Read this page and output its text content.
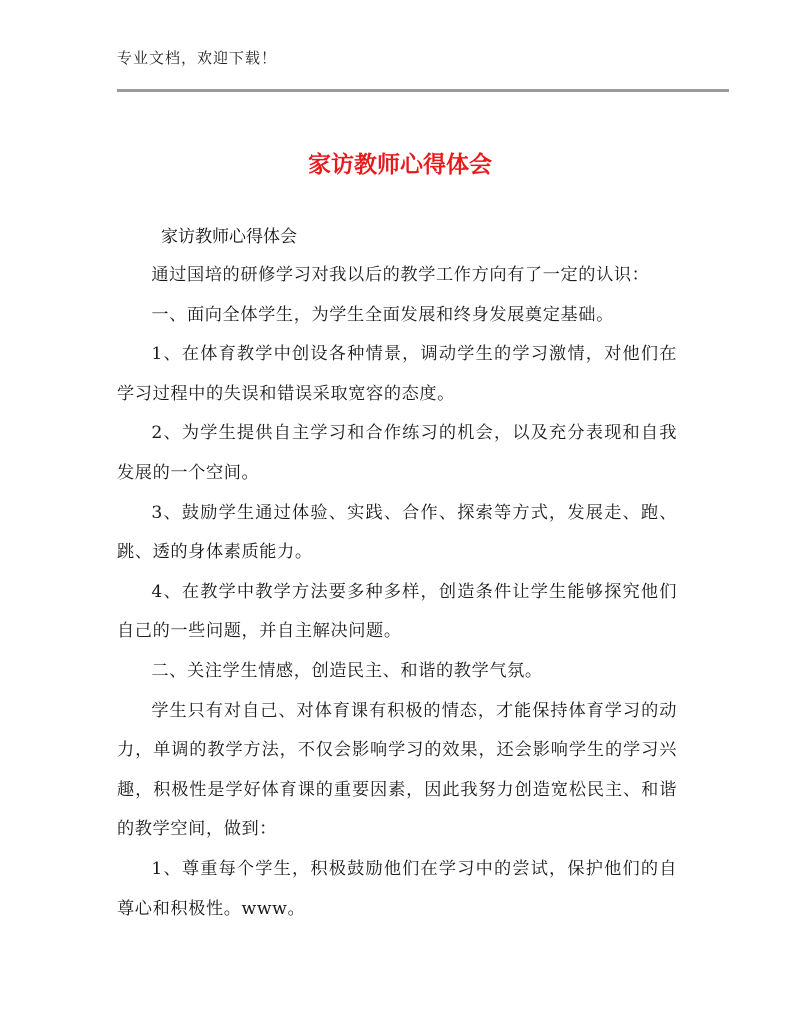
专业文档，欢迎下载！
家访教师心得体会
家访教师心得体会

通过国培的研修学习对我以后的教学工作方向有了一定的认识：

一、面向全体学生，为学生全面发展和终身发展奠定基础。

1、在体育教学中创设各种情景，调动学生的学习激情，对他们在学习过程中的失误和错误采取宽容的态度。

2、为学生提供自主学习和合作练习的机会，以及充分表现和自我发展的一个空间。

3、鼓励学生通过体验、实践、合作、探索等方式，发展走、跑、跳、透的身体素质能力。

4、在教学中教学方法要多种多样，创造条件让学生能够探究他们自己的一些问题，并自主解决问题。

二、关注学生情感，创造民主、和谐的教学气氛。

学生只有对自己、对体育课有积极的情态，才能保持体育学习的动力，单调的教学方法，不仅会影响学习的效果，还会影响学生的学习兴趣，积极性是学好体育课的重要因素，因此我努力创造宽松民主、和谐的教学空间，做到：

1、尊重每个学生，积极鼓励他们在学习中的尝试，保护他们的自尊心和积极性。www。
